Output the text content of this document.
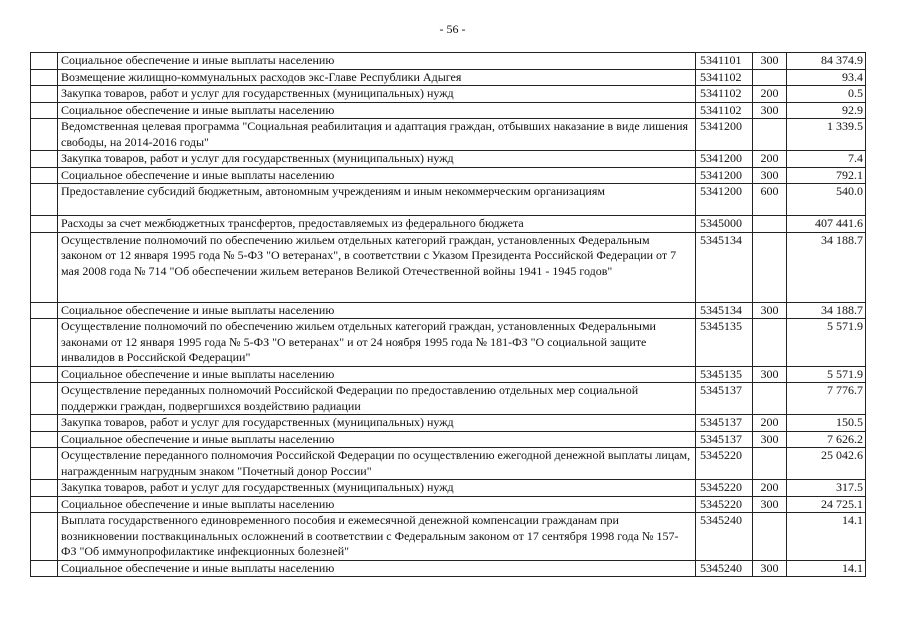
- 56 -
	Социальное обеспечение и иные выплаты населению	5341101	300	84 374.9
	Возмещение жилищно-коммунальных расходов экс-Главе Республики Адыгея	5341102		93.4
	Закупка товаров, работ и услуг для государственных (муниципальных) нужд	5341102	200	0.5
	Социальное обеспечение и иные выплаты населению	5341102	300	92.9
	Ведомственная целевая программа "Социальная реабилитация и адаптация граждан, отбывших наказание в виде лишения свободы, на 2014-2016 годы"	5341200		1 339.5
	Закупка товаров, работ и услуг для государственных (муниципальных) нужд	5341200	200	7.4
	Социальное обеспечение и иные выплаты населению	5341200	300	792.1
	Предоставление субсидий бюджетным, автономным учреждениям и иным некоммерческим организациям	5341200	600	540.0
	Расходы за счет межбюджетных трансфертов, предоставляемых из федерального бюджета	5345000		407 441.6
	Осуществление полномочий по обеспечению жильем отдельных категорий граждан, установленных Федеральным законом от 12 января 1995 года № 5-ФЗ "О ветеранах", в соответствии с Указом Президента Российской Федерации от 7 мая 2008 года № 714 "Об обеспечении жильем ветеранов Великой Отечественной войны 1941 - 1945 годов"	5345134		34 188.7
	Социальное обеспечение и иные выплаты населению	5345134	300	34 188.7
	Осуществление полномочий по обеспечению жильем отдельных категорий граждан, установленных Федеральными законами от 12 января 1995 года № 5-ФЗ "О ветеранах" и от 24 ноября 1995 года № 181-ФЗ "О социальной защите инвалидов в Российской Федерации"	5345135		5 571.9
	Социальное обеспечение и иные выплаты населению	5345135	300	5 571.9
	Осуществление переданных полномочий Российской Федерации по предоставлению отдельных мер социальной поддержки граждан, подвергшихся воздействию радиации	5345137		7 776.7
	Закупка товаров, работ и услуг для государственных (муниципальных) нужд	5345137	200	150.5
	Социальное обеспечение и иные выплаты населению	5345137	300	7 626.2
	Осуществление переданного полномочия Российской Федерации по осуществлению ежегодной денежной выплаты лицам, награжденным нагрудным знаком "Почетный донор России"	5345220		25 042.6
	Закупка товаров, работ и услуг для государственных (муниципальных) нужд	5345220	200	317.5
	Социальное обеспечение и иные выплаты населению	5345220	300	24 725.1
	Выплата государственного единовременного пособия и ежемесячной денежной компенсации гражданам при возникновении поствакцинальных осложнений в соответствии с Федеральным законом от 17 сентября 1998 года № 157-ФЗ "Об иммунопрофилактике инфекционных болезней"	5345240		14.1
	Социальное обеспечение и иные выплаты населению	5345240	300	14.1
